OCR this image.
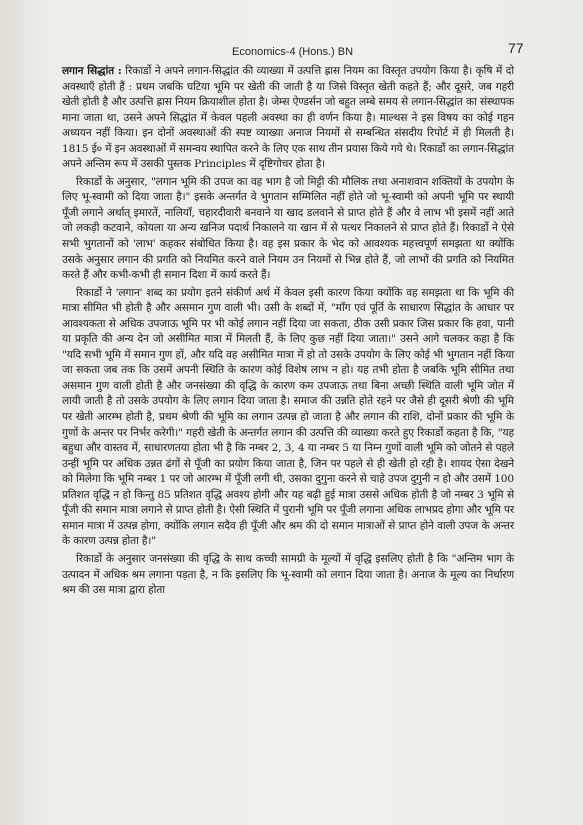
Economics-4 (Hons.) BN	77

लगान सिद्धांत : रिकार्डो ने अपने लगान-सिद्धांत की व्याख्या में उत्पत्ति ह्रास नियम का विस्तृत उपयोग किया है। कृषि में दो अवस्थाएँ होती हैं : प्रथम जबकि घटिया भूमि पर खेती की जाती है या जिसे विस्तृत खेती कहते हैं; और दूसरे, जब गहरी खेती होती है और उत्पत्ति ह्रास नियम क्रियाशील होता है। जेम्स ऐण्डर्सन जो बहुत लम्बे समय से लगान-सिद्धांत का संस्थापक माना जाता था, उसने अपने सिद्धांत में केवल पहली अवस्था का ही वर्णन किया है। माल्थस ने इस विषय का कोई गहन अध्ययन नहीं किया। इन दोनों अवस्थाओं की स्पष्ट व्याख्या अनाज नियमों से सम्बन्धित संसदीय रिपोर्ट में ही मिलती है। 1815 ई० में इन अवस्थाओं में समन्वय स्थापित करने के लिए एक साथ तीन प्रयास किये गये थे। रिकार्डो का लगान-सिद्धांत अपने अन्तिम रूप में उसकी पुस्तक Principles में दृष्टिगोचर होता है।

रिकार्डो के अनुसार, "लगान भूमि की उपज का वह भाग है जो मिट्टी की मौलिक तथा अनाशवान शक्तियों के उपयोग के लिए भू-स्वामी को दिया जाता है।" इसके अन्तर्गत वे भुगतान सम्मिलित नहीं होते जो भू-स्वामी को अपनी भूमि पर स्थायी पूँजी लगाने अर्थात् इमारतें, नालियाँ, चहारदीवारी बनवाने या खाद डलवाने से प्राप्त होते हैं और वे लाभ भी इसमें नहीं आते जो लकड़ी कटवाने, कोयला या अन्य खनिज पदार्थ निकालने या खान में से पत्थर निकालने से प्राप्त होते हैं। रिकार्डो ने ऐसे सभी भुगतानों को 'लाभ' कहकर संबोधित किया है। वह इस प्रकार के भेद को आवश्यक महत्त्वपूर्ण समझता था क्योंकि उसके अनुसार लगान की प्रगति को नियमित करने वाले नियम उन नियमों से भिन्न होते हैं, जो लाभों की प्रगति को नियमित करते हैं और कभी-कभी ही समान दिशा में कार्य करते हैं।

रिकार्डो ने 'लगान' शब्द का प्रयोग इतने संकीर्ण अर्थ में केवल इसी कारण किया क्योंकि वह समझता था कि भूमि की मात्रा सीमित भी होती है और असमान गुण वाली भी। उसी के शब्दों में, "माँग एवं पूर्ति के साधारण सिद्धांत के आधार पर आवश्यकता से अधिक उपजाऊ भूमि पर भी कोई लगान नहीं दिया जा सकता, ठीक उसी प्रकार जिस प्रकार कि हवा, पानी या प्रकृति की अन्य देन जो असीमित मात्रा में मिलती हैं, के लिए कुछ नहीं दिया जाता।" उसने आगे चलकर कहा है कि "यदि सभी भूमि में समान गुण हों, और यदि वह असीमित मात्रा में हो तो उसके उपयोग के लिए कोई भी भुगतान नहीं किया जा सकता जब तक कि उसमें अपनी स्थिति के कारण कोई विशेष लाभ न हो। यह तभी होता है जबकि भूमि सीमित तथा असमान गुण वाली होती है और जनसंख्या की वृद्धि के कारण कम उपजाऊ तथा बिना अच्छी स्थिति वाली भूमि जोत में लायी जाती है तो उसके उपयोग के लिए लगान दिया जाता है। समाज की उन्नति होते रहने पर जैसे ही दूसरी श्रेणी की भूमि पर खेती आरम्भ होती है, प्रथम श्रेणी की भूमि का लगान उत्पन्न हो जाता है और लगान की राशि, दोनों प्रकार की भूमि के गुणों के अन्तर पर निर्भर करेगी।" गहरी खेती के अन्तर्गत लगान की उत्पत्ति की व्याख्या करते हुए रिकार्डो कहता है कि, "यह बहुधा और वास्तव में, साधारणतया होता भी है कि नम्बर 2, 3, 4 या नम्बर 5 या निम्न गुणों वाली भूमि को जोतने से पहले उन्हीं भूमि पर अधिक उन्नत ढंगों से पूँजी का प्रयोग किया जाता है, जिन पर पहले से ही खेती हो रही है। शायद ऐसा देखने को मिलेगा कि भूमि नम्बर 1 पर जो आरम्भ में पूँजी लगी थी, उसका दुगुना करने से चाहे उपज दुगुनी न हो और उसमें 100 प्रतिशत वृद्धि न हो किन्तु 85 प्रतिशत वृद्धि अवश्य होगी और यह बढ़ी हुई मात्रा उससे अधिक होती है जो नम्बर 3 भूमि से पूँजी की समान मात्रा लगाने से प्राप्त होती है। ऐसी स्थिति में पुरानी भूमि पर पूँजी लगाना अधिक लाभप्रद होगा और भूमि पर समान मात्रा में उत्पन्न होगा, क्योंकि लगान सदैव ही पूँजी और श्रम की दो समान मात्राओं से प्राप्त होने वाली उपज के अन्तर के कारण उत्पन्न होता है।"

रिकार्डो के अनुसार जनसंख्या की वृद्धि के साथ कच्ची सामग्री के मूल्यों में वृद्धि इसलिए होती है कि "अन्तिम भाग के उत्पादन में अधिक श्रम लगाना पड़ता है, न कि इसलिए कि भू-स्वामी को लगान दिया जाता है। अनाज के मूल्य का निर्धारण श्रम की उस मात्रा द्वारा होता
